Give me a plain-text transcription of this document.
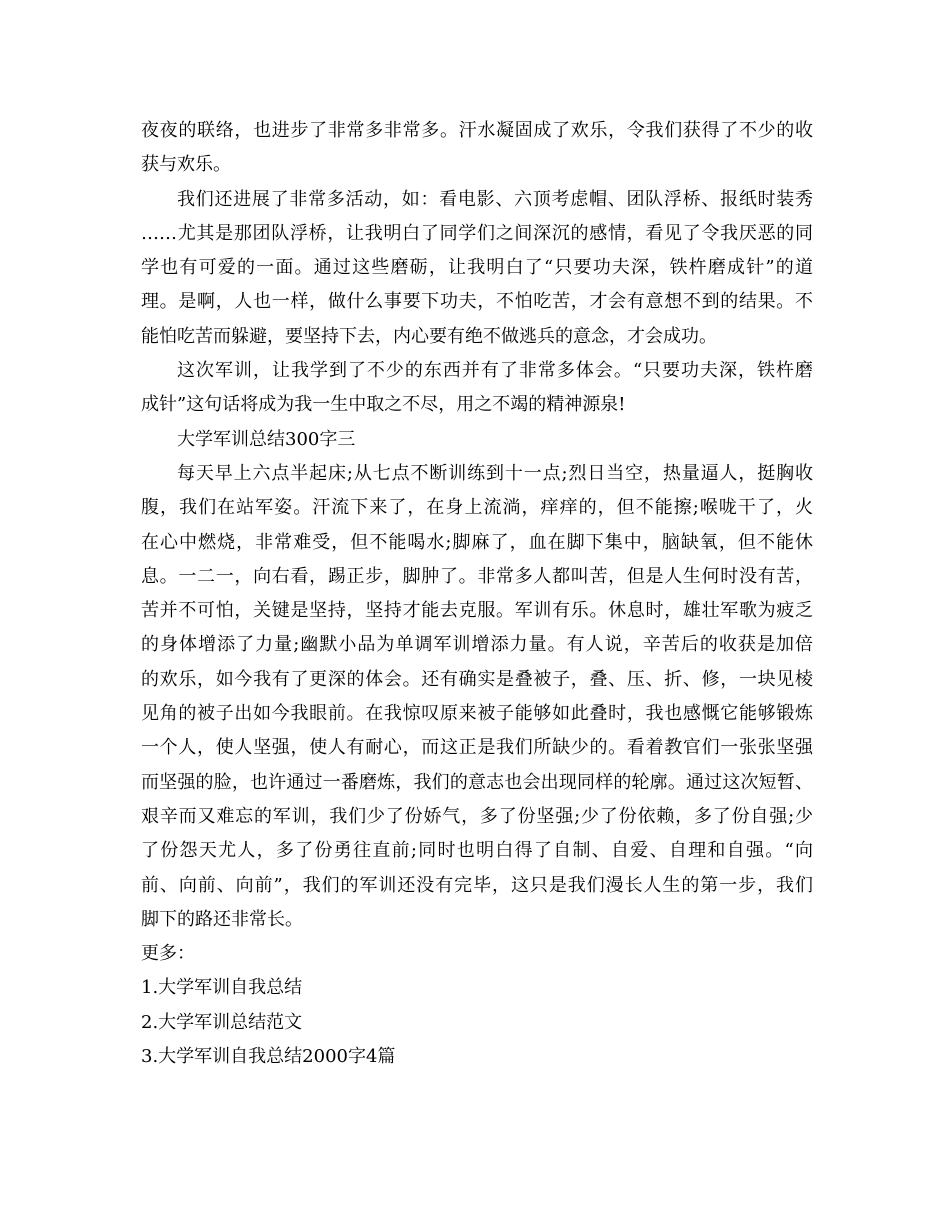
夜夜的联络，也进步了非常多非常多。汗水凝固成了欢乐，令我们获得了不少的收
获与欢乐。
我们还进展了非常多活动，如：看电影、六顶考虑帽、团队浮桥、报纸时装秀
……尤其是那团队浮桥，让我明白了同学们之间深沉的感情，看见了令我厌恶的同
学也有可爱的一面。通过这些磨砺，让我明白了“只要功夫深，铁杵磨成针”的道
理。是啊，人也一样，做什么事要下功夫，不怕吃苦，才会有意想不到的结果。不
能怕吃苦而躲避，要坚持下去，内心要有绝不做逃兵的意念，才会成功。
这次军训，让我学到了不少的东西并有了非常多体会。“只要功夫深，铁杵磨
成针”这句话将成为我一生中取之不尽，用之不竭的精神源泉!
大学军训总结300字三
每天早上六点半起床;从七点不断训练到十一点;烈日当空，热量逼人，挺胸收
腹，我们在站军姿。汗流下来了，在身上流淌，痒痒的，但不能擦;喉咙干了，火
在心中燃烧，非常难受，但不能喝水;脚麻了，血在脚下集中，脑缺氧，但不能休
息。一二一，向右看，踢正步，脚肿了。非常多人都叫苦，但是人生何时没有苦，
苦并不可怕，关键是坚持，坚持才能去克服。军训有乐。休息时，雄壮军歌为疲乏
的身体增添了力量;幽默小品为单调军训增添力量。有人说，辛苦后的收获是加倍
的欢乐，如今我有了更深的体会。还有确实是叠被子，叠、压、折、修，一块见棱
见角的被子出如今我眼前。在我惊叹原来被子能够如此叠时，我也感慨它能够锻炼
一个人，使人坚强，使人有耐心，而这正是我们所缺少的。看着教官们一张张坚强
而坚强的脸，也许通过一番磨炼，我们的意志也会出现同样的轮廓。通过这次短暂、
艰辛而又难忘的军训，我们少了份娇气，多了份坚强;少了份依赖，多了份自强;少
了份怨天尤人，多了份勇往直前;同时也明白得了自制、自爱、自理和自强。“向
前、向前、向前”，我们的军训还没有完毕，这只是我们漫长人生的第一步，我们
脚下的路还非常长。
更多：
1.大学军训自我总结
2.大学军训总结范文
3.大学军训自我总结2000字4篇
